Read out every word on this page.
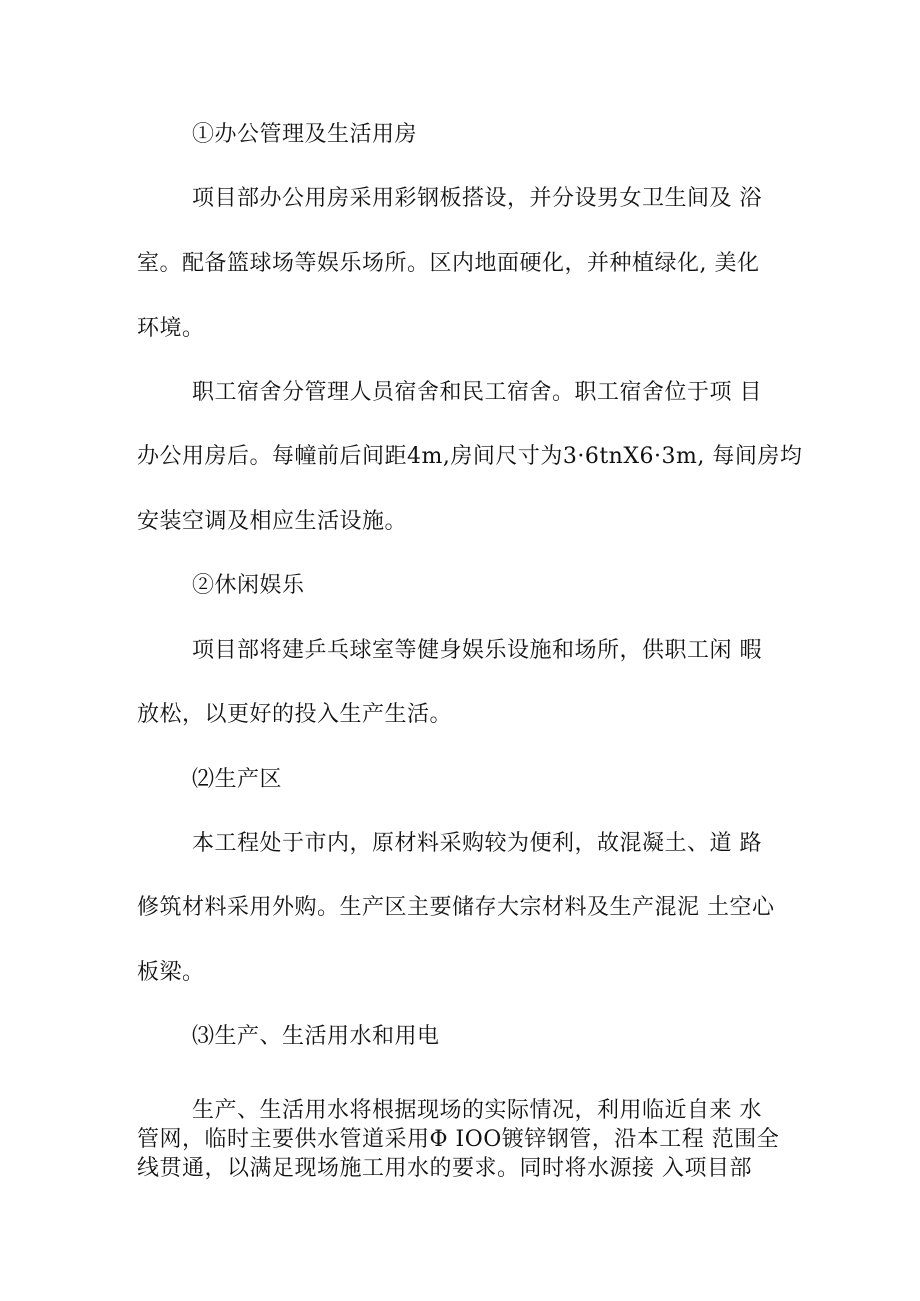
①办公管理及生活用房
项目部办公用房采用彩钢板搭设，并分设男女卫生间及 浴
室。配备篮球场等娱乐场所。区内地面硬化，并种植绿化, 美化
环境。
职工宿舍分管理人员宿舍和民工宿舍。职工宿舍位于项 目
办公用房后。每幢前后间距4m,房间尺寸为3·6tnX6·3m, 每间房均
安装空调及相应生活设施。
②休闲娱乐
项目部将建乒乓球室等健身娱乐设施和场所，供职工闲 暇
放松，以更好的投入生产生活。
⑵生产区
本工程处于市内，原材料采购较为便利，故混凝土、道 路
修筑材料采用外购。生产区主要储存大宗材料及生产混泥 土空心
板梁。
⑶生产、生活用水和用电
生产、生活用水将根据现场的实际情况，利用临近自来 水
管网，临时主要供水管道采用Φ IOO镀锌钢管，沿本工程 范围全
线贯通，以满足现场施工用水的要求。同时将水源接 入项目部
